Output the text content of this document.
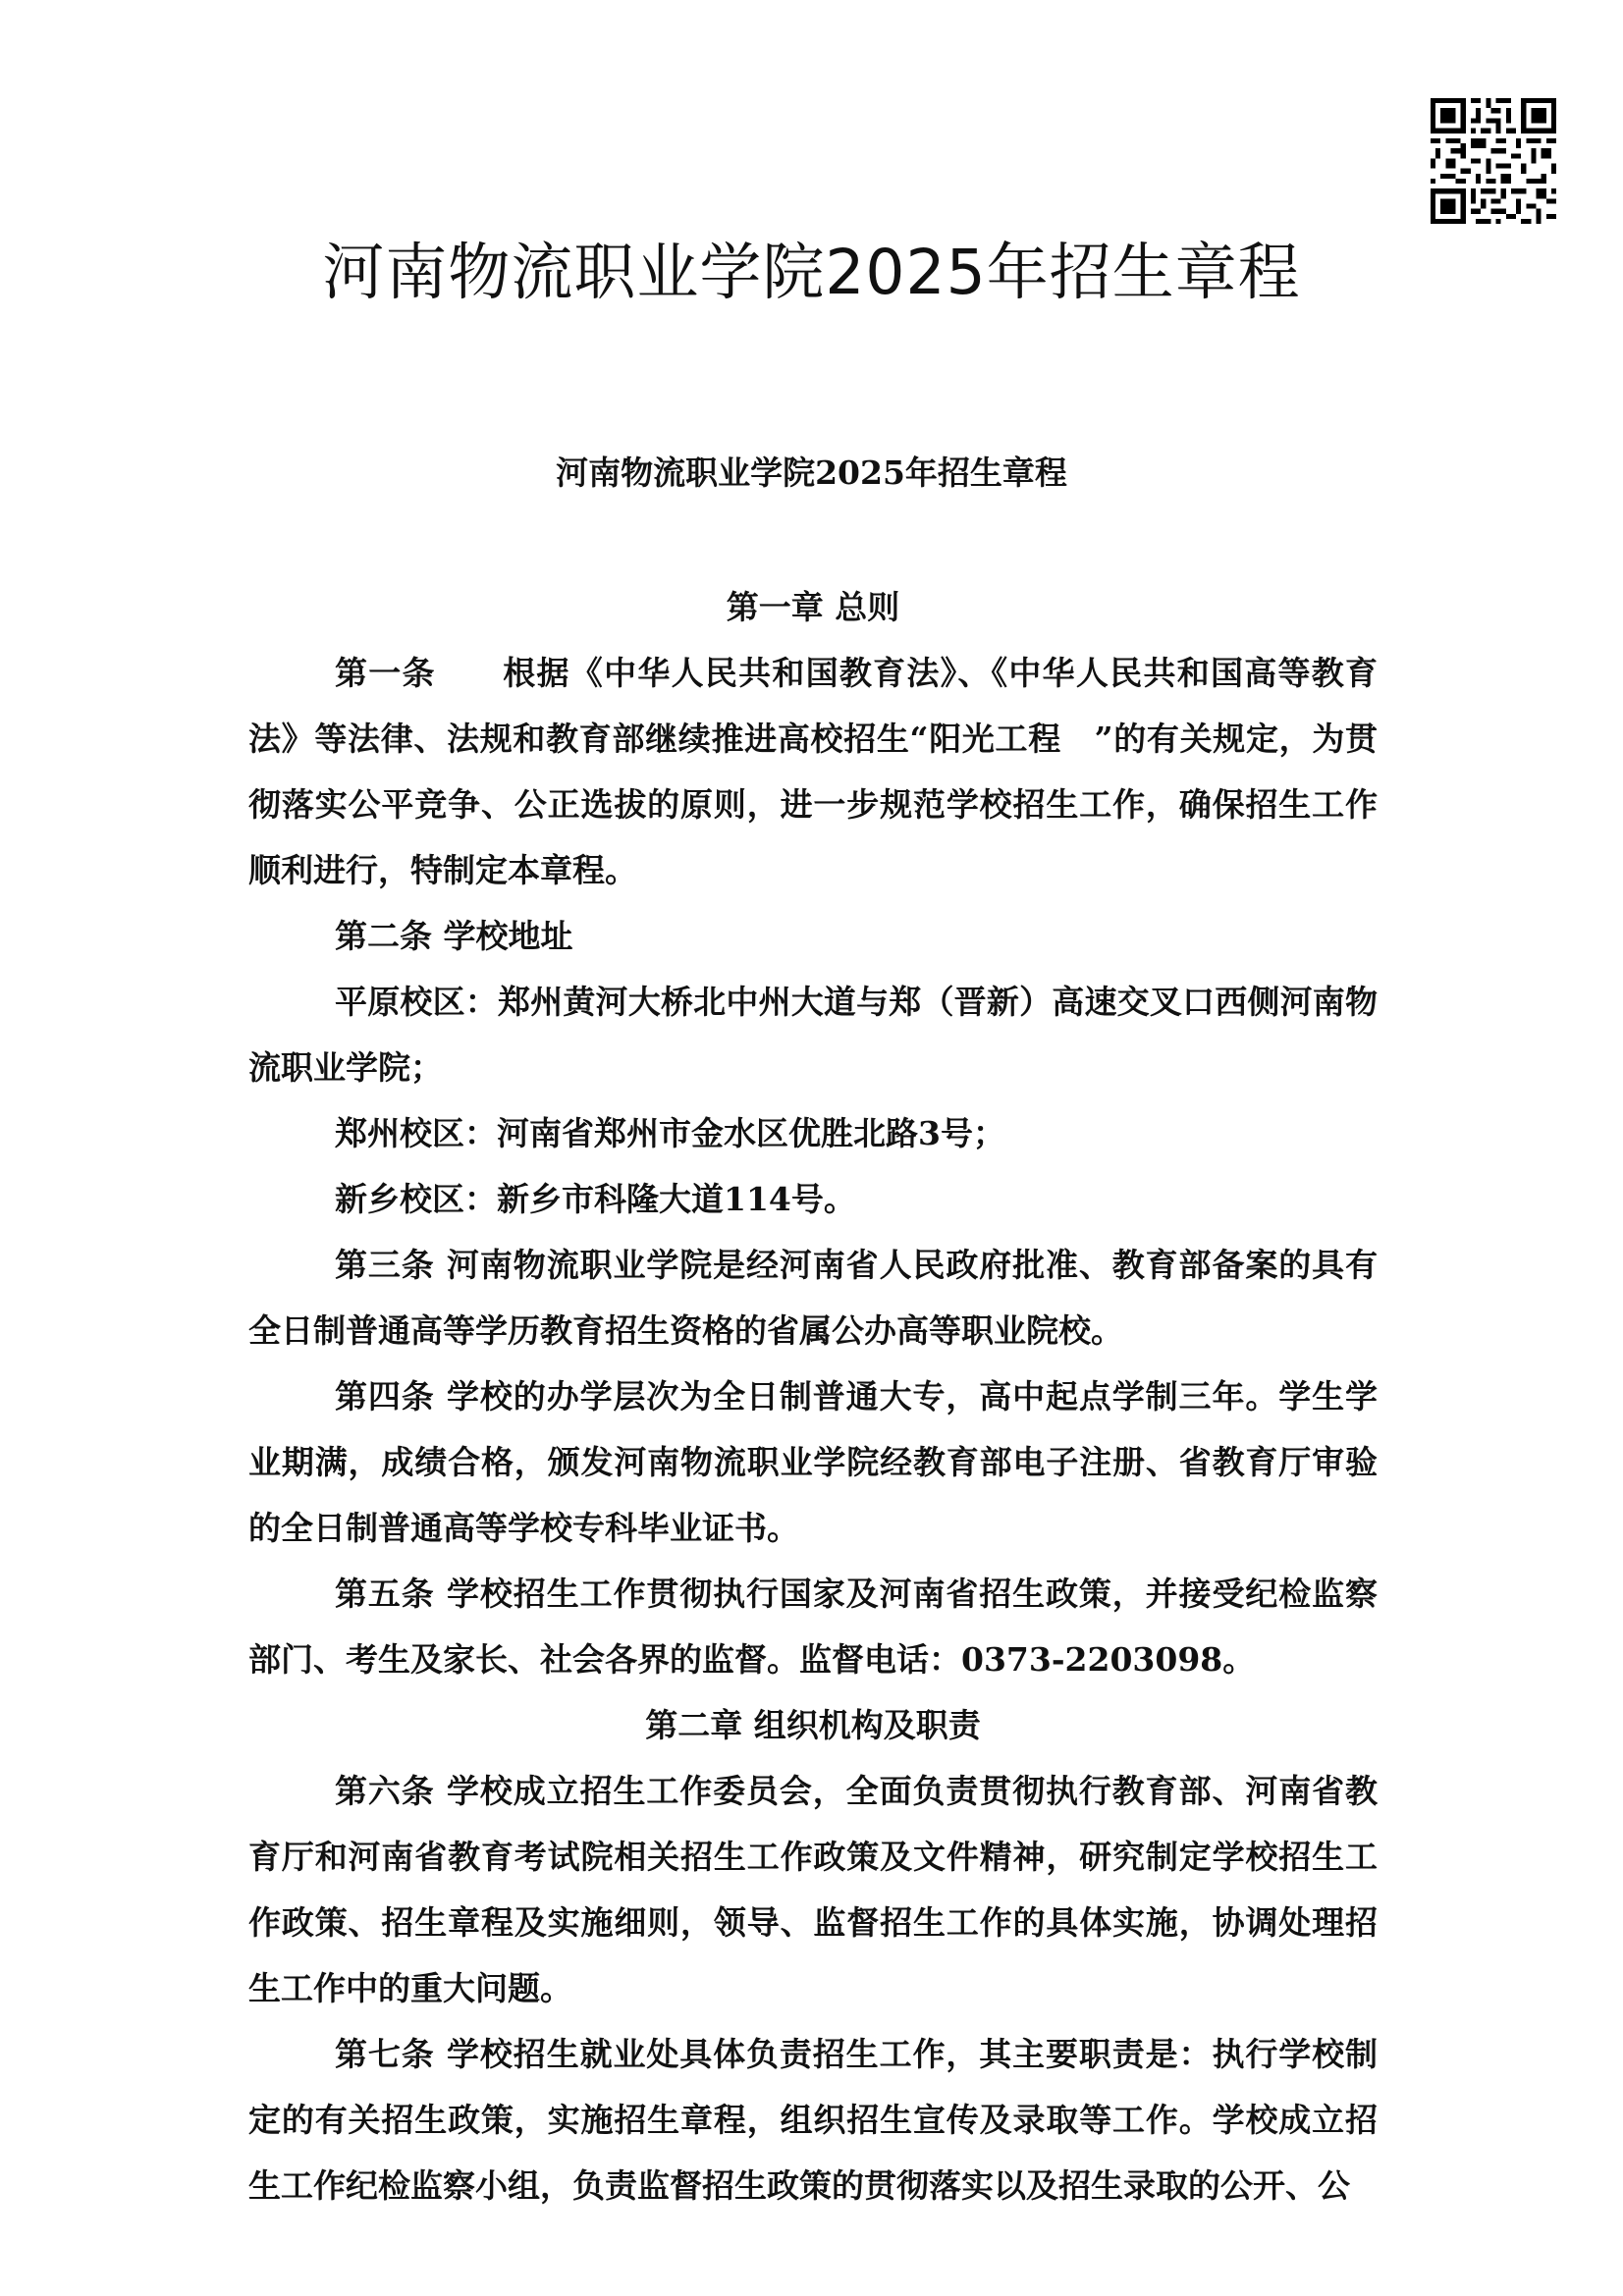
河南物流职业学院2025年招生章程
河南物流职业学院2025年招生章程

第一章 总则

第一条　　根据《中华人民共和国教育法》、《中华人民共和国高等教育法》等法律、法规和教育部继续推进高校招生“阳光工程　”的有关规定，为贯彻落实公平竞争、公正选拔的原则，进一步规范学校招生工作，确保招生工作顺利进行，特制定本章程。

第二条 学校地址

平原校区：郑州黄河大桥北中州大道与郑（晋新）高速交叉口西侧河南物流职业学院；

郑州校区：河南省郑州市金水区优胜北路3号；

新乡校区：新乡市科隆大道114号。

第三条 河南物流职业学院是经河南省人民政府批准、教育部备案的具有全日制普通高等学历教育招生资格的省属公办高等职业院校。

第四条 学校的办学层次为全日制普通大专，高中起点学制三年。学生学业期满，成绩合格，颁发河南物流职业学院经教育部电子注册、省教育厅审验的全日制普通高等学校专科毕业证书。

第五条 学校招生工作贯彻执行国家及河南省招生政策，并接受纪检监察部门、考生及家长、社会各界的监督。监督电话：0373-2203098。

第二章 组织机构及职责

第六条 学校成立招生工作委员会，全面负责贯彻执行教育部、河南省教育厅和河南省教育考试院相关招生工作政策及文件精神，研究制定学校招生工作政策、招生章程及实施细则，领导、监督招生工作的具体实施，协调处理招生工作中的重大问题。

第七条 学校招生就业处具体负责招生工作，其主要职责是：执行学校制定的有关招生政策，实施招生章程，组织招生宣传及录取等工作。学校成立招生工作纪检监察小组，负责监督招生政策的贯彻落实以及招生录取的公开、公
